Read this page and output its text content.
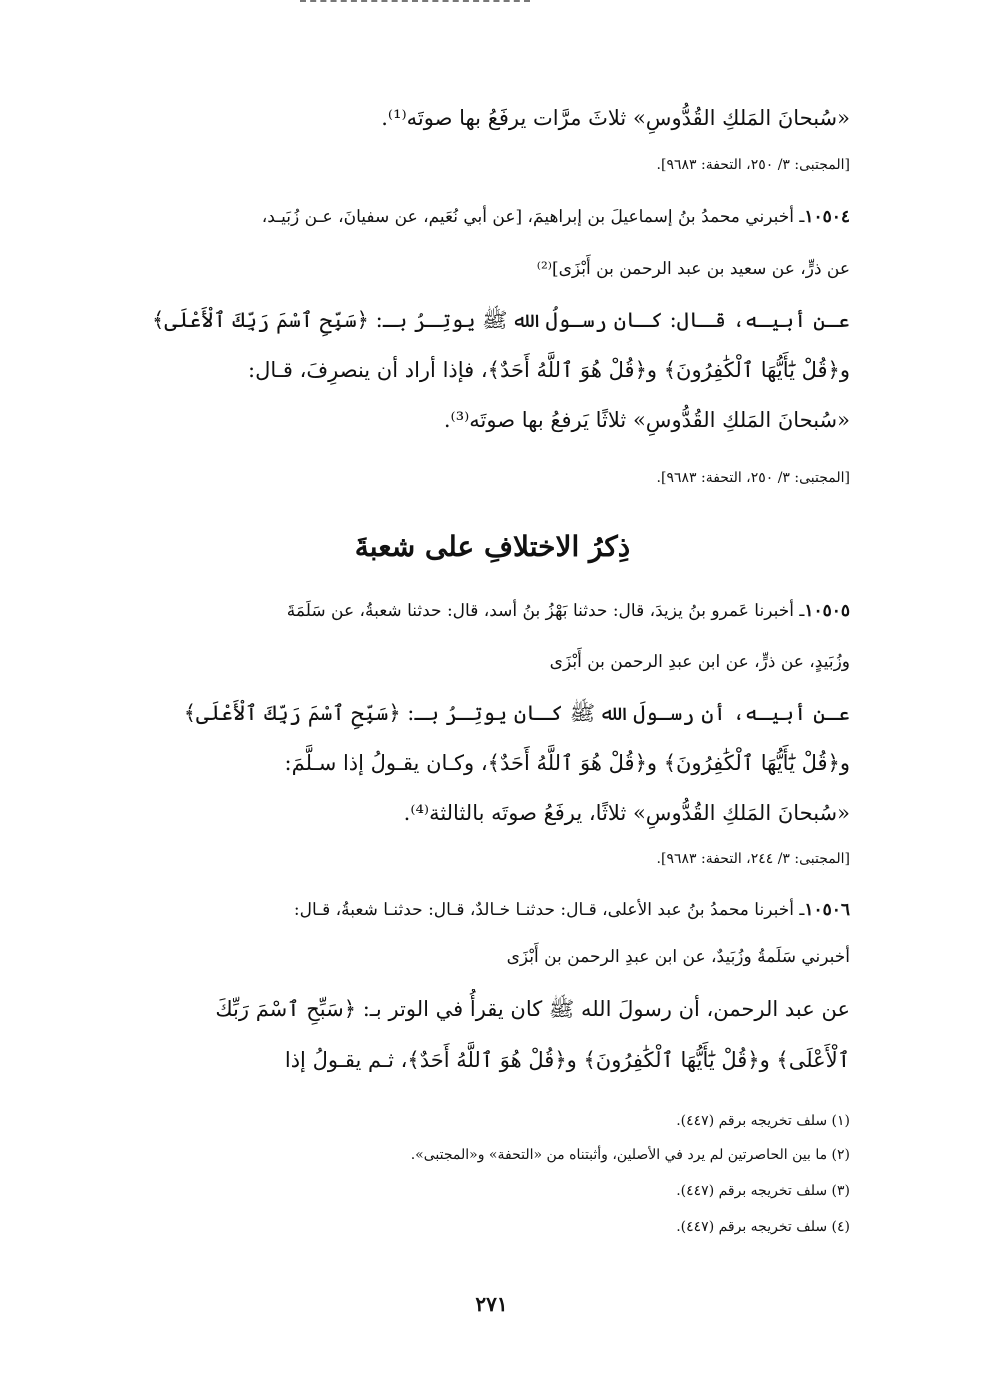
«سُبحانَ المَلكِ القُدُّوسِ» ثلاثَ مرَّات يرفَعُ بها صوتَه⁽¹⁾.
[المجتبى: ٣/ ٢٥٠، التحفة: ٩٦٨٣].
١٠٥٠٤ـ أخبرني محمدُ بنُ إسماعيلَ بن إبراهيمَ، [عن أبي نُعَيم، عن سفيانَ، عـن زُبَيـد،
عن ذرٍّ، عن سعيد بن عبد الرحمن بن أَبْزَى]⁽²⁾
عـن أبيـه، قـال: كـان رسـولُ الله ﷺ يوتِـرُ بـ: ﴿سَبِّحِ ٱسْمَ رَبِّكَ ٱلْأَعْلَى﴾
و﴿قُلْ يَٰٓأَيُّهَا ٱلْكَٰفِرُونَ﴾ و﴿قُلْ هُوَ ٱللَّهُ أَحَدٌ﴾، فإذا أراد أن ينصرِفَ، قـال:
«سُبحانَ المَلكِ القُدُّوسِ» ثلاثًا يَرفعُ بها صوتَه⁽³⁾.
[المجتبى: ٣/ ٢٥٠، التحفة: ٩٦٨٣].
ذِكرُ الاختلافِ على شعبةَ
١٠٥٠٥ـ أخبرنا عَمرو بنُ يزيدَ، قال: حدثنا بَهْزُ بنُ أسد، قال: حدثنا شعبةُ، عن سَلَمَةَ
وزُبَيدٍ، عن ذرٍّ، عن ابن عبدِ الرحمن بن أَبْزَى
عـن أبيـه، أن رسـولَ الله ﷺ كـان يوتِـرُ بـ: ﴿سَبِّحِ ٱسْمَ رَبِّكَ ٱلْأَعْلَى﴾
و﴿قُلْ يَٰٓأَيُّهَا ٱلْكَٰفِرُونَ﴾ و﴿قُلْ هُوَ ٱللَّهُ أَحَدٌ﴾، وكـان يقـولُ إذا سـلَّمَ:
«سُبحانَ المَلكِ القُدُّوسِ» ثلاثًا، يرفَعُ صوتَه بالثالثة⁽⁴⁾.
[المجتبى: ٣/ ٢٤٤، التحفة: ٩٦٨٣].
١٠٥٠٦ـ أخبرنا محمدُ بنُ عبد الأعلى، قـال: حدثنـا خـالدٌ، قـال: حدثنـا شعبةُ، قـال:
أخبرني سَلَمةُ وزُبَيدٌ، عن ابن عبدِ الرحمن بن أَبْزَى
عن عبد الرحمن، أن رسولَ الله ﷺ كان يقرأُ في الوتر بـ: ﴿سَبِّحِ ٱسْمَ رَبِّكَ
ٱلْأَعْلَى﴾ و﴿قُلْ يَٰٓأَيُّهَا ٱلْكَٰفِرُونَ﴾ و﴿قُلْ هُوَ ٱللَّهُ أَحَدٌ﴾، ثـم يقـولُ إذا
(١) سلف تخريجه برقم (٤٤٧).
(٢) ما بين الحاصرتين لم يرد في الأصلين، وأثبتناه من «التحفة» و«المجتبى».
(٣) سلف تخريجه برقم (٤٤٧).
(٤) سلف تخريجه برقم (٤٤٧).
٢٧١
